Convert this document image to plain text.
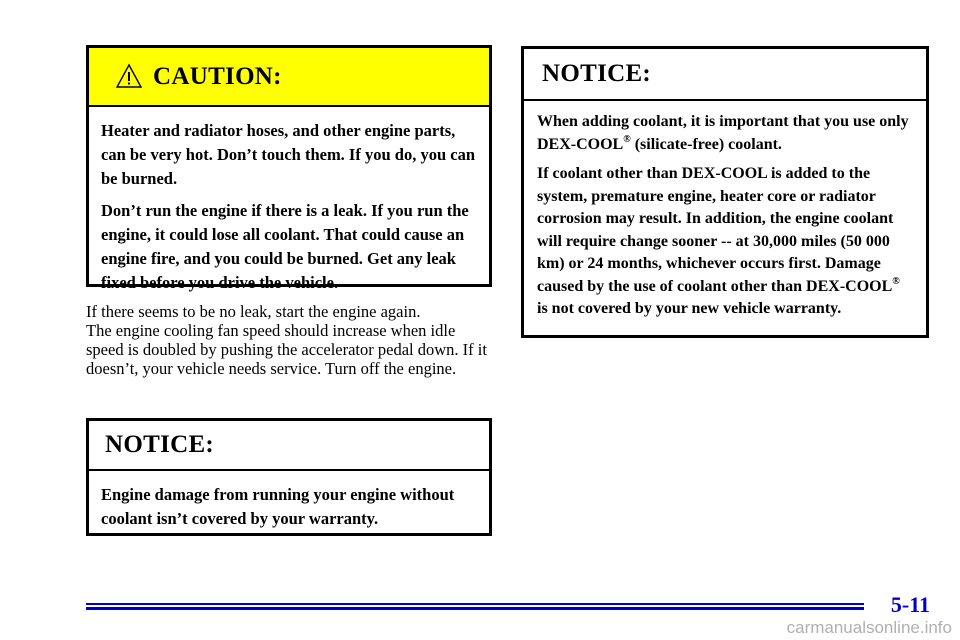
CAUTION:

Heater and radiator hoses, and other engine parts, can be very hot. Don’t touch them. If you do, you can be burned.

Don’t run the engine if there is a leak. If you run the engine, it could lose all coolant. That could cause an engine fire, and you could be burned. Get any leak fixed before you drive the vehicle.

If there seems to be no leak, start the engine again.
The engine cooling fan speed should increase when idle speed is doubled by pushing the accelerator pedal down. If it doesn’t, your vehicle needs service. Turn off the engine.
NOTICE:

Engine damage from running your engine without coolant isn’t covered by your warranty.

NOTICE:

When adding coolant, it is important that you use only DEX-COOL® (silicate-free) coolant.

If coolant other than DEX-COOL is added to the system, premature engine, heater core or radiator corrosion may result. In addition, the engine coolant will require change sooner -- at 30,000 miles (50 000 km) or 24 months, whichever occurs first. Damage caused by the use of coolant other than DEX-COOL® is not covered by your new vehicle warranty.

5-11
carmanualsonline.info
